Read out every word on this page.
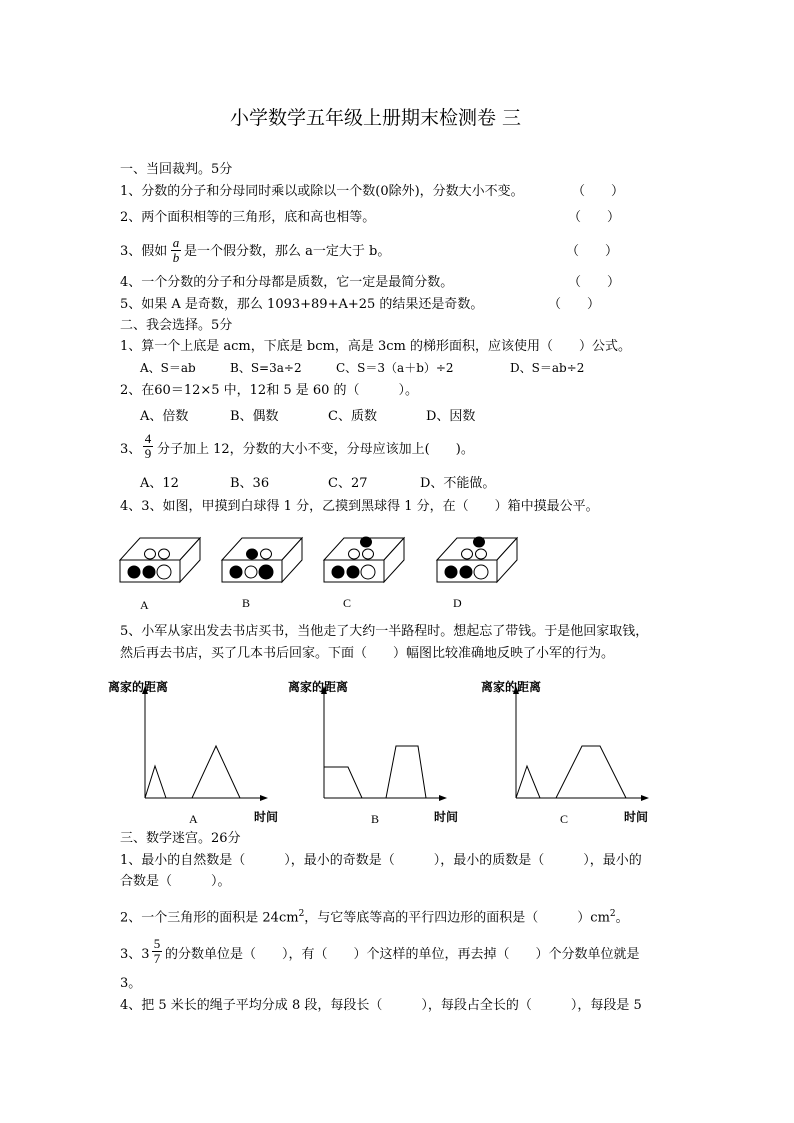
小学数学五年级上册期末检测卷 三
一、当回裁判。5分
1、分数的分子和分母同时乘以或除以一个数(0除外)，分数大小不变。	（　　）
2、两个面积相等的三角形，底和高也相等。	（　　）
3、假如
a
b 是一个假分数，那么 a一定大于 b。	（　　）
4、一个分数的分子和分母都是质数，它一定是最简分数。	（　　）
5、如果 A 是奇数，那么 1093+89+A+25 的结果还是奇数。	（　　）
二、我会选择。5分
1、算一个上底是 acm，下底是 bcm，高是 3cm 的梯形面积，应该使用（　　）公式。
A、S＝ab	B、S=3a÷2	C、S＝3（a＋b）÷2	D、S＝ab÷2
2、在60＝12×5 中，12和 5 是 60 的（　　　）。
A、倍数	B、偶数	C、质数	D、因数
3、
4
9 分子加上 12，分数的大小不变，分母应该加上(　　)。
A、12	B、36	C、27	D、不能做。
4、3、如图，甲摸到白球得 1 分，乙摸到黑球得 1 分，在（　　）箱中摸最公平。
A	B	C	D
5、小军从家出发去书店买书，当他走了大约一半路程时。想起忘了带钱。于是他回家取钱，
然后再去书店，买了几本书后回家。下面（　　）幅图比较准确地反映了小军的行为。
离家的距离
时间
A
离家的距离
时间
B
离家的距离
时间
C
三、数学迷宫。26分
1、最小的自然数是（　　　），最小的奇数是（　　　），最小的质数是（　　　），最小的
合数是（　　　）。
2、一个三角形的面积是 $24cm^2$，与它等底等高的平行四边形的面积是（　　　）$cm^2$。
3、3
5
7 的分数单位是（　　），有（　　）个这样的单位，再去掉（　　）个分数单位就是
3。
4、把 5 米长的绳子平均分成 8 段，每段长（　　　），每段占全长的（　　　），每段是 5
